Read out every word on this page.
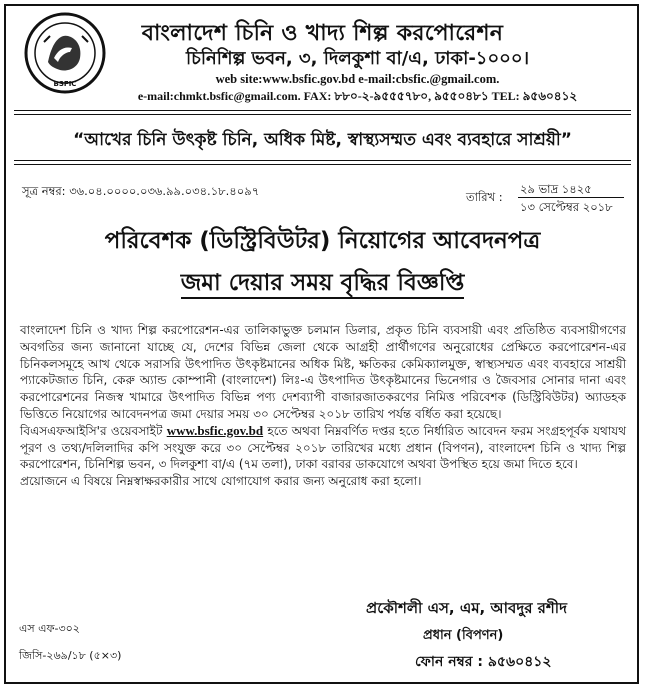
BSFIC
বাংলাদেশ চিনি ও খাদ্য শিল্প করপোরেশন
চিনিশিল্প ভবন, ৩, দিলকুশা বা/এ, ঢাকা-১০০০।
web site:www.bsfic.gov.bd e-mail:cbsfic.@gmail.com.
e-mail:chmkt.bsfic@gmail.com. FAX: ৮৮০-২-৯৫৫৫৭৮০, ৯৫৫০৪৮১ TEL: ৯৫৬০৪১২
“আখের চিনি উৎকৃষ্ট চিনি, অধিক মিষ্ট, স্বাস্থ্যসম্মত এবং ব্যবহারে সাশ্রয়ী”
সূত্র নম্বর: ৩৬.০৪.০০০০.০৩৬.৯৯.০৩৪.১৮.৪০৯৭	তারিখ :
২৯ ভাদ্র ১৪২৫
১৩ সেপ্টেম্বর ২০১৮
পরিবেশক (ডিস্ট্রিবিউটর) নিয়োগের আবেদনপত্র
জমা দেয়ার সময় বৃদ্ধির বিজ্ঞপ্তি

বাংলাদেশ চিনি ও খাদ্য শিল্প করপোরেশন-এর তালিকাভুক্ত চলমান ডিলার, প্রকৃত চিনি ব্যবসায়ী এবং প্রতিষ্ঠিত ব্যবসায়ীগণের অবগতির জন্য জানানো যাচ্ছে যে, দেশের বিভিন্ন জেলা থেকে আগ্রহী প্রার্থীগণের অনুরোধের প্রেক্ষিতে করপোরেশন-এর চিনিকলসমূহে আখ থেকে সরাসরি উৎপাদিত উৎকৃষ্টমানের অধিক মিষ্ট, ক্ষতিকর কেমিক্যালমুক্ত, স্বাস্থ্যসম্মত এবং ব্যবহারে সাশ্রয়ী প্যাকেটজাত চিনি, কেরু অ্যান্ড কোম্পানী (বাংলাদেশ) লিঃ-এ উৎপাদিত উৎকৃষ্টমানের ভিনেগার ও জৈবসার সোনার দানা এবং করপোরেশনের নিজস্ব খামারে উৎপাদিত বিভিন্ন পণ্য দেশব্যাপী বাজারজাতকরণের নিমিত্ত পরিবেশক (ডিস্ট্রিবিউটর) অ্যাডহক ভিত্তিতে নিয়োগের আবেদনপত্র জমা দেয়ার সময় ৩০ সেপ্টেম্বর ২০১৮ তারিখ পর্যন্ত বর্ধিত করা হয়েছে।

বিএসএফআইসি'র ওয়েবসাইট www.bsfic.gov.bd হতে অথবা নিম্নবর্ণিত দপ্তর হতে নির্ধারিত আবেদন ফরম সংগ্রহপূর্বক যথাযথ পূরণ ও তথ্য/দলিলাদির কপি সংযুক্ত করে ৩০ সেপ্টেম্বর ২০১৮ তারিখের মধ্যে প্রধান (বিপণন), বাংলাদেশ চিনি ও খাদ্য শিল্প করপোরেশন, চিনিশিল্প ভবন, ৩ দিলকুশা বা/এ (৭ম তলা), ঢাকা বরাবর ডাকযোগে অথবা উপস্থিত হয়ে জমা দিতে হবে।

প্রয়োজনে এ বিষয়ে নিম্নস্বাক্ষরকারীর সাথে যোগাযোগ করার জন্য অনুরোধ করা হলো।

প্রকৌশলী এস, এম, আবদুর রশীদ
প্রধান (বিপণন)
ফোন নম্বর : ৯৫৬০৪১২
এস এফ-৩০২
জিসি-২৬৯/১৮ (৫×৩)
